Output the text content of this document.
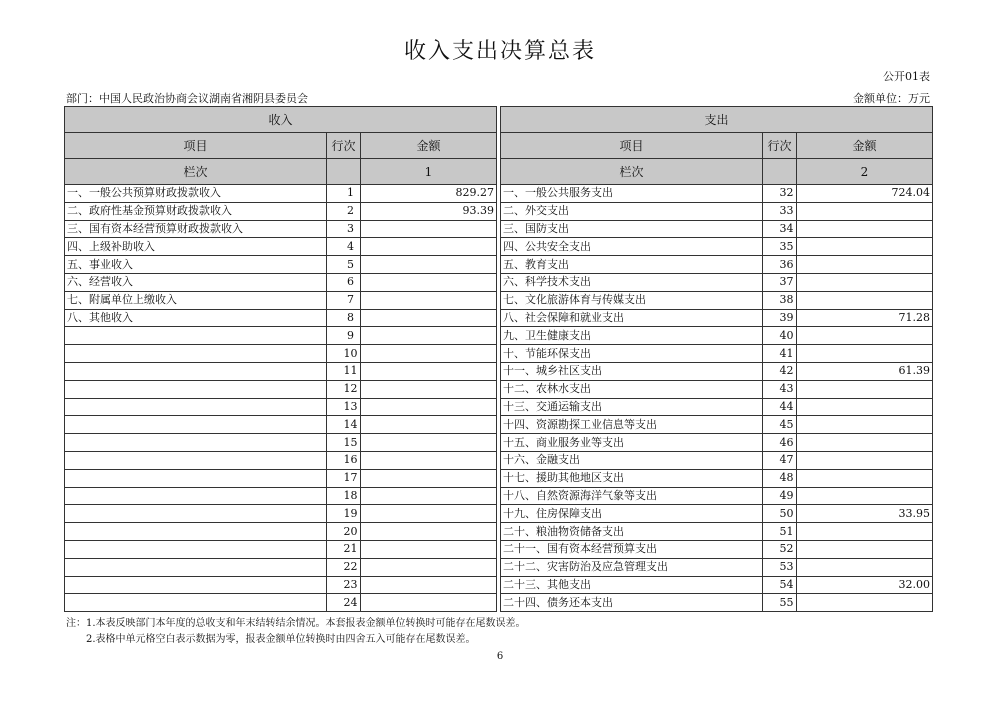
收入支出决算总表
公开01表
部门：中国人民政治协商会议湖南省湘阴县委员会	金额单位：万元
收入				支出		
项目	行次	金额		项目	行次	金额
栏次		1		栏次		2
一、一般公共预算财政拨款收入	1	829.27		一、一般公共服务支出	32	724.04
二、政府性基金预算财政拨款收入	2	93.39		二、外交支出	33	
三、国有资本经营预算财政拨款收入	3			三、国防支出	34	
四、上级补助收入	4			四、公共安全支出	35	
五、事业收入	5			五、教育支出	36	
六、经营收入	6			六、科学技术支出	37	
七、附属单位上缴收入	7			七、文化旅游体育与传媒支出	38	
八、其他收入	8			八、社会保障和就业支出	39	71.28
	9			九、卫生健康支出	40	
	10			十、节能环保支出	41	
	11			十一、城乡社区支出	42	61.39
	12			十二、农林水支出	43	
	13			十三、交通运输支出	44	
	14			十四、资源勘探工业信息等支出	45	
	15			十五、商业服务业等支出	46	
	16			十六、金融支出	47	
	17			十七、援助其他地区支出	48	
	18			十八、自然资源海洋气象等支出	49	
	19			十九、住房保障支出	50	33.95
	20			二十、粮油物资储备支出	51	
	21			二十一、国有资本经营预算支出	52	
	22			二十二、灾害防治及应急管理支出	53	
	23			二十三、其他支出	54	32.00
	24			二十四、债务还本支出	55	
注：1.本表反映部门本年度的总收支和年末结转结余情况。本套报表金额单位转换时可能存在尾数误差。
2.表格中单元格空白表示数据为零，报表金额单位转换时由四舍五入可能存在尾数误差。
6
